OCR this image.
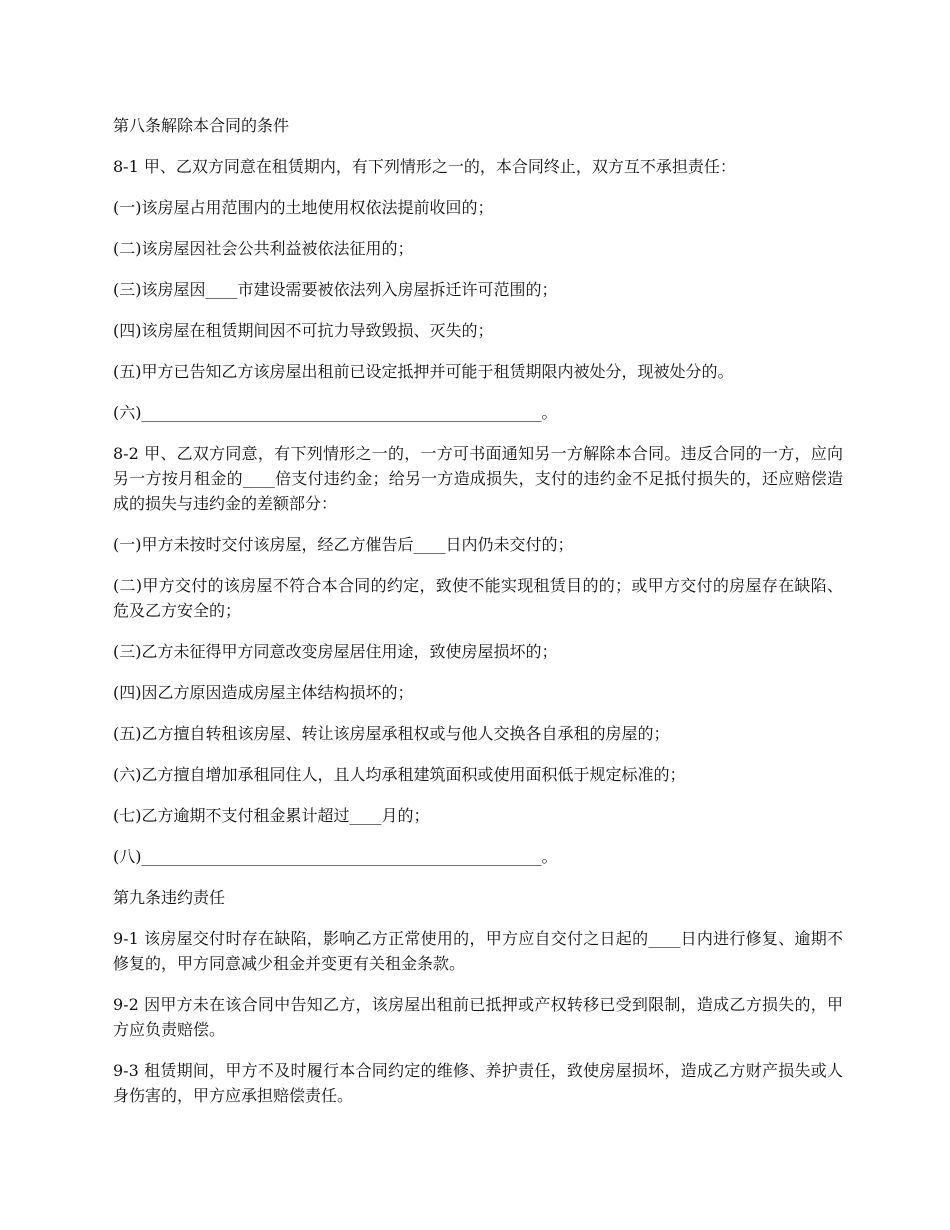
第八条解除本合同的条件

8-1 甲、乙双方同意在租赁期内，有下列情形之一的，本合同终止，双方互不承担责任：

(一)该房屋占用范围内的土地使用权依法提前收回的；

(二)该房屋因社会公共利益被依法征用的；

(三)该房屋因____市建设需要被依法列入房屋拆迁许可范围的；

(四)该房屋在租赁期间因不可抗力导致毁损、灭失的；

(五)甲方已告知乙方该房屋出租前已设定抵押并可能于租赁期限内被处分，现被处分的。

(六)__________________________________________________。

8-2 甲、乙双方同意，有下列情形之一的，一方可书面通知另一方解除本合同。违反合同的一方，应向另一方按月租金的____倍支付违约金；给另一方造成损失，支付的违约金不足抵付损失的，还应赔偿造成的损失与违约金的差额部分：

(一)甲方未按时交付该房屋，经乙方催告后____日内仍未交付的；

(二)甲方交付的该房屋不符合本合同的约定，致使不能实现租赁目的的；或甲方交付的房屋存在缺陷、危及乙方安全的；

(三)乙方未征得甲方同意改变房屋居住用途，致使房屋损坏的；

(四)因乙方原因造成房屋主体结构损坏的；

(五)乙方擅自转租该房屋、转让该房屋承租权或与他人交换各自承租的房屋的；

(六)乙方擅自增加承租同住人，且人均承租建筑面积或使用面积低于规定标准的；

(七)乙方逾期不支付租金累计超过____月的；

(八)__________________________________________________。

第九条违约责任

9-1 该房屋交付时存在缺陷，影响乙方正常使用的，甲方应自交付之日起的____日内进行修复、逾期不修复的，甲方同意减少租金并变更有关租金条款。

9-2 因甲方未在该合同中告知乙方，该房屋出租前已抵押或产权转移已受到限制，造成乙方损失的，甲方应负责赔偿。

9-3 租赁期间，甲方不及时履行本合同约定的维修、养护责任，致使房屋损坏，造成乙方财产损失或人身伤害的，甲方应承担赔偿责任。
